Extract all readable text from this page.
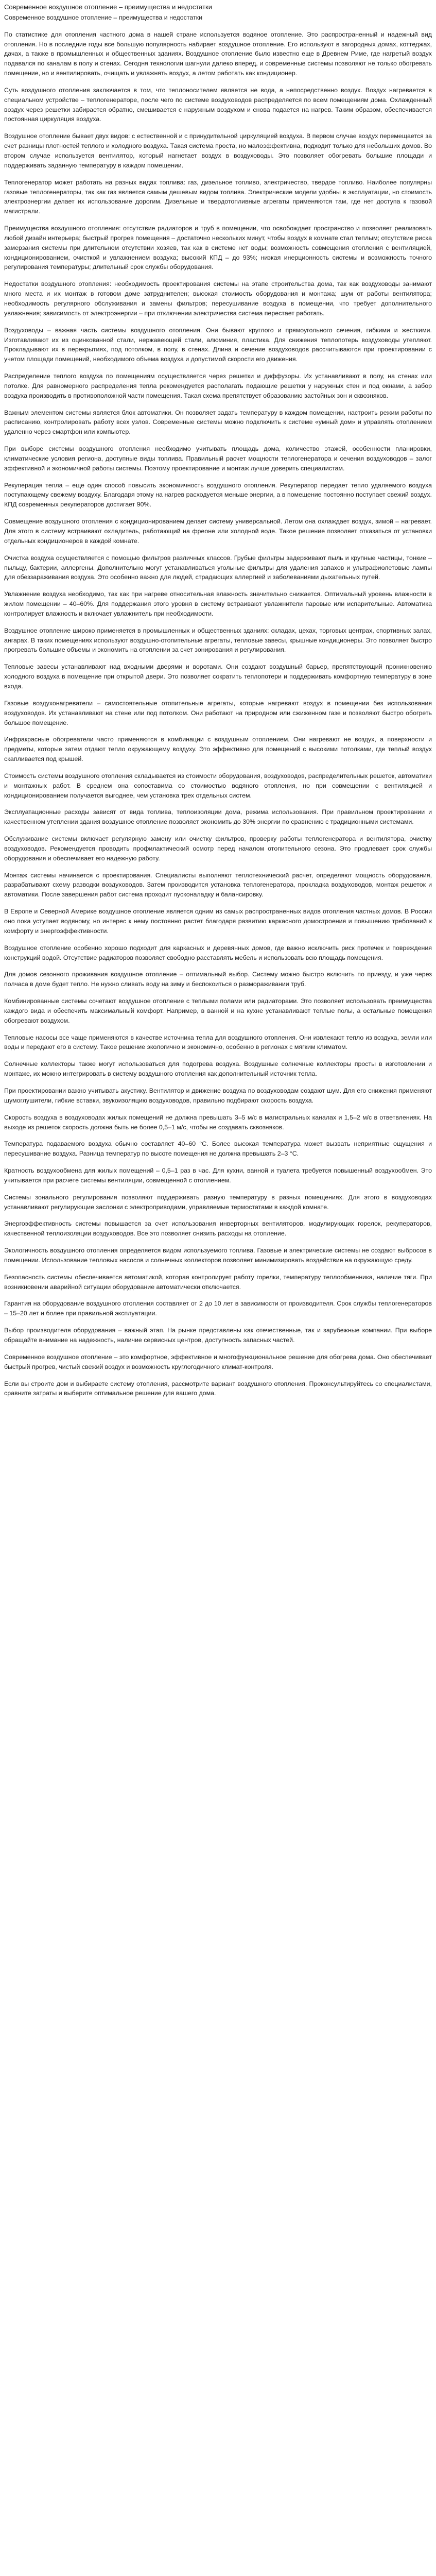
Современное воздушное отопление – преимущества и недостатки

Современное воздушное отопление – преимущества и недостатки

По статистике для отопления частного дома в нашей стране используется водяное отопление. Это распространенный и надежный вид отопления. Но в последние годы все большую популярность набирает воздушное отопление. Его используют в загородных домах, коттеджах, дачах, а также в промышленных и общественных зданиях. Воздушное отопление было известно еще в Древнем Риме, где нагретый воздух подавался по каналам в полу и стенах. Сегодня технологии шагнули далеко вперед, и современные системы позволяют не только обогревать помещение, но и вентилировать, очищать и увлажнять воздух, а летом работать как кондиционер.

Суть воздушного отопления заключается в том, что теплоносителем является не вода, а непосредственно воздух. Воздух нагревается в специальном устройстве – теплогенераторе, после чего по системе воздуховодов распределяется по всем помещениям дома. Охлажденный воздух через решетки забирается обратно, смешивается с наружным воздухом и снова подается на нагрев. Таким образом, обеспечивается постоянная циркуляция воздуха.

Воздушное отопление бывает двух видов: с естественной и с принудительной циркуляцией воздуха. В первом случае воздух перемещается за счет разницы плотностей теплого и холодного воздуха. Такая система проста, но малоэффективна, подходит только для небольших домов. Во втором случае используется вентилятор, который нагнетает воздух в воздуховоды. Это позволяет обогревать большие площади и поддерживать заданную температуру в каждом помещении.

Теплогенератор может работать на разных видах топлива: газ, дизельное топливо, электричество, твердое топливо. Наиболее популярны газовые теплогенераторы, так как газ является самым дешевым видом топлива. Электрические модели удобны в эксплуатации, но стоимость электроэнергии делает их использование дорогим. Дизельные и твердотопливные агрегаты применяются там, где нет доступа к газовой магистрали.

Преимущества воздушного отопления: отсутствие радиаторов и труб в помещении, что освобождает пространство и позволяет реализовать любой дизайн интерьера; быстрый прогрев помещения – достаточно нескольких минут, чтобы воздух в комнате стал теплым; отсутствие риска замерзания системы при длительном отсутствии хозяев, так как в системе нет воды; возможность совмещения отопления с вентиляцией, кондиционированием, очисткой и увлажнением воздуха; высокий КПД – до 93%; низкая инерционность системы и возможность точного регулирования температуры; длительный срок службы оборудования.

Недостатки воздушного отопления: необходимость проектирования системы на этапе строительства дома, так как воздуховоды занимают много места и их монтаж в готовом доме затруднителен; высокая стоимость оборудования и монтажа; шум от работы вентилятора; необходимость регулярного обслуживания и замены фильтров; пересушивание воздуха в помещении, что требует дополнительного увлажнения; зависимость от электроэнергии – при отключении электричества система перестает работать.

Воздуховоды – важная часть системы воздушного отопления. Они бывают круглого и прямоугольного сечения, гибкими и жесткими. Изготавливают их из оцинкованной стали, нержавеющей стали, алюминия, пластика. Для снижения теплопотерь воздуховоды утепляют. Прокладывают их в перекрытиях, под потолком, в полу, в стенах. Длина и сечение воздуховодов рассчитываются при проектировании с учетом площади помещений, необходимого объема воздуха и допустимой скорости его движения.

Распределение теплого воздуха по помещениям осуществляется через решетки и диффузоры. Их устанавливают в полу, на стенах или потолке. Для равномерного распределения тепла рекомендуется располагать подающие решетки у наружных стен и под окнами, а забор воздуха производить в противоположной части помещения. Такая схема препятствует образованию застойных зон и сквозняков.

Важным элементом системы является блок автоматики. Он позволяет задать температуру в каждом помещении, настроить режим работы по расписанию, контролировать работу всех узлов. Современные системы можно подключить к системе «умный дом» и управлять отоплением удаленно через смартфон или компьютер.

При выборе системы воздушного отопления необходимо учитывать площадь дома, количество этажей, особенности планировки, климатические условия региона, доступные виды топлива. Правильный расчет мощности теплогенератора и сечения воздуховодов – залог эффективной и экономичной работы системы. Поэтому проектирование и монтаж лучше доверить специалистам.

Рекуперация тепла – еще один способ повысить экономичность воздушного отопления. Рекуператор передает тепло удаляемого воздуха поступающему свежему воздуху. Благодаря этому на нагрев расходуется меньше энергии, а в помещение постоянно поступает свежий воздух. КПД современных рекуператоров достигает 90%.

Совмещение воздушного отопления с кондиционированием делает систему универсальной. Летом она охлаждает воздух, зимой – нагревает. Для этого в систему встраивают охладитель, работающий на фреоне или холодной воде. Такое решение позволяет отказаться от установки отдельных кондиционеров в каждой комнате.

Очистка воздуха осуществляется с помощью фильтров различных классов. Грубые фильтры задерживают пыль и крупные частицы, тонкие – пыльцу, бактерии, аллергены. Дополнительно могут устанавливаться угольные фильтры для удаления запахов и ультрафиолетовые лампы для обеззараживания воздуха. Это особенно важно для людей, страдающих аллергией и заболеваниями дыхательных путей.

Увлажнение воздуха необходимо, так как при нагреве относительная влажность значительно снижается. Оптимальный уровень влажности в жилом помещении – 40–60%. Для поддержания этого уровня в систему встраивают увлажнители паровые или испарительные. Автоматика контролирует влажность и включает увлажнитель при необходимости.

Воздушное отопление широко применяется в промышленных и общественных зданиях: складах, цехах, торговых центрах, спортивных залах, ангарах. В таких помещениях используют воздушно-отопительные агрегаты, тепловые завесы, крышные кондиционеры. Это позволяет быстро прогревать большие объемы и экономить на отоплении за счет зонирования и регулирования.

Тепловые завесы устанавливают над входными дверями и воротами. Они создают воздушный барьер, препятствующий проникновению холодного воздуха в помещение при открытой двери. Это позволяет сократить теплопотери и поддерживать комфортную температуру в зоне входа.

Газовые воздухонагреватели – самостоятельные отопительные агрегаты, которые нагревают воздух в помещении без использования воздуховодов. Их устанавливают на стене или под потолком. Они работают на природном или сжиженном газе и позволяют быстро обогреть большое помещение.

Инфракрасные обогреватели часто применяются в комбинации с воздушным отоплением. Они нагревают не воздух, а поверхности и предметы, которые затем отдают тепло окружающему воздуху. Это эффективно для помещений с высокими потолками, где теплый воздух скапливается под крышей.

Стоимость системы воздушного отопления складывается из стоимости оборудования, воздуховодов, распределительных решеток, автоматики и монтажных работ. В среднем она сопоставима со стоимостью водяного отопления, но при совмещении с вентиляцией и кондиционированием получается выгоднее, чем установка трех отдельных систем.

Эксплуатационные расходы зависят от вида топлива, теплоизоляции дома, режима использования. При правильном проектировании и качественном утеплении здания воздушное отопление позволяет экономить до 30% энергии по сравнению с традиционными системами.

Обслуживание системы включает регулярную замену или очистку фильтров, проверку работы теплогенератора и вентилятора, очистку воздуховодов. Рекомендуется проводить профилактический осмотр перед началом отопительного сезона. Это продлевает срок службы оборудования и обеспечивает его надежную работу.

Монтаж системы начинается с проектирования. Специалисты выполняют теплотехнический расчет, определяют мощность оборудования, разрабатывают схему разводки воздуховодов. Затем производится установка теплогенератора, прокладка воздуховодов, монтаж решеток и автоматики. После завершения работ система проходит пусконаладку и балансировку.

В Европе и Северной Америке воздушное отопление является одним из самых распространенных видов отопления частных домов. В России оно пока уступает водяному, но интерес к нему постоянно растет благодаря развитию каркасного домостроения и повышению требований к комфорту и энергоэффективности.

Воздушное отопление особенно хорошо подходит для каркасных и деревянных домов, где важно исключить риск протечек и повреждения конструкций водой. Отсутствие радиаторов позволяет свободно расставлять мебель и использовать всю площадь помещения.

Для домов сезонного проживания воздушное отопление – оптимальный выбор. Систему можно быстро включить по приезду, и уже через полчаса в доме будет тепло. Не нужно сливать воду на зиму и беспокоиться о размораживании труб.

Комбинированные системы сочетают воздушное отопление с теплыми полами или радиаторами. Это позволяет использовать преимущества каждого вида и обеспечить максимальный комфорт. Например, в ванной и на кухне устанавливают теплые полы, а остальные помещения обогревают воздухом.

Тепловые насосы все чаще применяются в качестве источника тепла для воздушного отопления. Они извлекают тепло из воздуха, земли или воды и передают его в систему. Такое решение экологично и экономично, особенно в регионах с мягким климатом.

Солнечные коллекторы также могут использоваться для подогрева воздуха. Воздушные солнечные коллекторы просты в изготовлении и монтаже, их можно интегрировать в систему воздушного отопления как дополнительный источник тепла.

При проектировании важно учитывать акустику. Вентилятор и движение воздуха по воздуховодам создают шум. Для его снижения применяют шумоглушители, гибкие вставки, звукоизоляцию воздуховодов, правильно подбирают скорость воздуха.

Скорость воздуха в воздуховодах жилых помещений не должна превышать 3–5 м/с в магистральных каналах и 1,5–2 м/с в ответвлениях. На выходе из решеток скорость должна быть не более 0,5–1 м/с, чтобы не создавать сквозняков.

Температура подаваемого воздуха обычно составляет 40–60 °C. Более высокая температура может вызвать неприятные ощущения и пересушивание воздуха. Разница температур по высоте помещения не должна превышать 2–3 °C.

Кратность воздухообмена для жилых помещений – 0,5–1 раз в час. Для кухни, ванной и туалета требуется повышенный воздухообмен. Это учитывается при расчете системы вентиляции, совмещенной с отоплением.

Системы зонального регулирования позволяют поддерживать разную температуру в разных помещениях. Для этого в воздуховодах устанавливают регулирующие заслонки с электроприводами, управляемые термостатами в каждой комнате.

Энергоэффективность системы повышается за счет использования инверторных вентиляторов, модулирующих горелок, рекуператоров, качественной теплоизоляции воздуховодов. Все это позволяет снизить расходы на отопление.

Экологичность воздушного отопления определяется видом используемого топлива. Газовые и электрические системы не создают выбросов в помещении. Использование тепловых насосов и солнечных коллекторов позволяет минимизировать воздействие на окружающую среду.

Безопасность системы обеспечивается автоматикой, которая контролирует работу горелки, температуру теплообменника, наличие тяги. При возникновении аварийной ситуации оборудование автоматически отключается.

Гарантия на оборудование воздушного отопления составляет от 2 до 10 лет в зависимости от производителя. Срок службы теплогенераторов – 15–20 лет и более при правильной эксплуатации.

Выбор производителя оборудования – важный этап. На рынке представлены как отечественные, так и зарубежные компании. При выборе обращайте внимание на надежность, наличие сервисных центров, доступность запасных частей.

Современное воздушное отопление – это комфортное, эффективное и многофункциональное решение для обогрева дома. Оно обеспечивает быстрый прогрев, чистый свежий воздух и возможность круглогодичного климат-контроля.

Если вы строите дом и выбираете систему отопления, рассмотрите вариант воздушного отопления. Проконсультируйтесь со специалистами, сравните затраты и выберите оптимальное решение для вашего дома.
